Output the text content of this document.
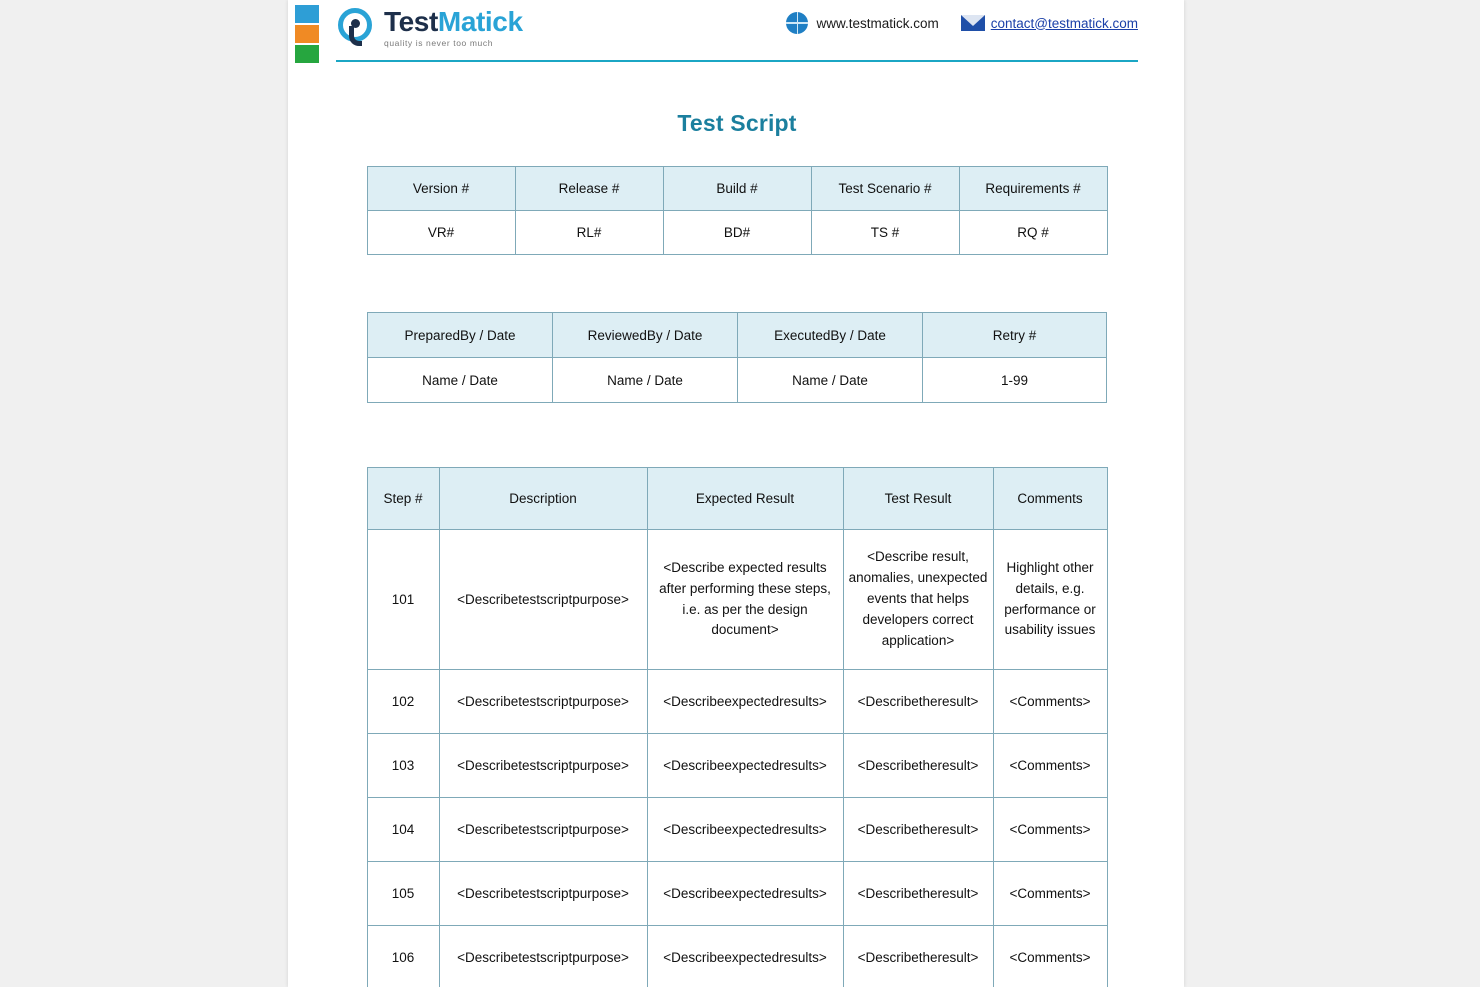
TestMatick
quality is never too much
www.testmatick.com	contact@testmatick.com
Test Script
Version #	Release #	Build #	Test Scenario #	Requirements #
VR#	RL#	BD#	TS #	RQ #
PreparedBy / Date	ReviewedBy / Date	ExecutedBy / Date	Retry #
Name / Date	Name / Date	Name / Date	1-99
Step #	Description	Expected Result	Test Result	Comments
101	<Describetestscriptpurpose>	<Describe expected results after performing these steps, i.e. as per the design document>	<Describe result, anomalies, unexpected events that helps developers correct application>	Highlight other details, e.g. performance or usability issues
102	<Describetestscriptpurpose>	<Describeexpectedresults>	<Describetheresult>	<Comments>
103	<Describetestscriptpurpose>	<Describeexpectedresults>	<Describetheresult>	<Comments>
104	<Describetestscriptpurpose>	<Describeexpectedresults>	<Describetheresult>	<Comments>
105	<Describetestscriptpurpose>	<Describeexpectedresults>	<Describetheresult>	<Comments>
106	<Describetestscriptpurpose>	<Describeexpectedresults>	<Describetheresult>	<Comments>
